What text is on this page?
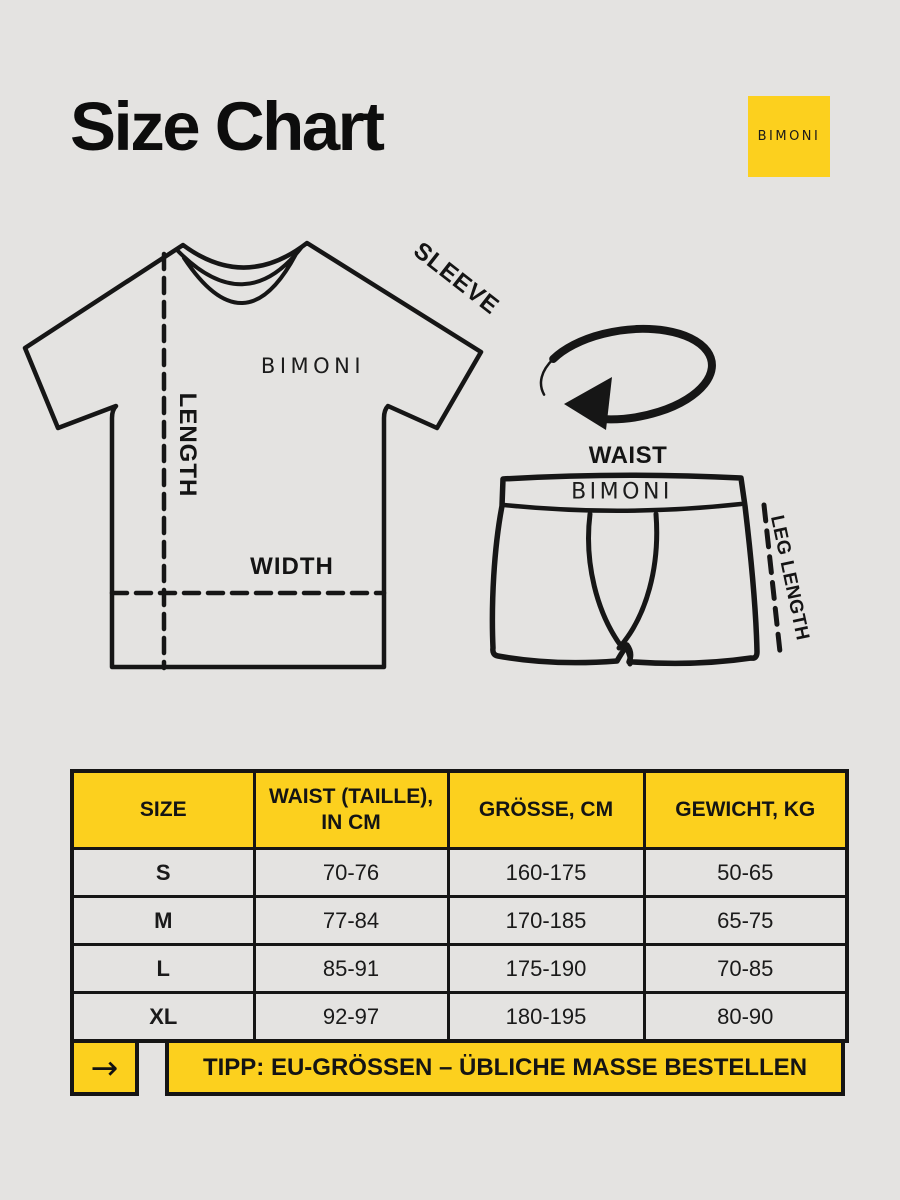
Size Chart	BIMONI
SLEEVE
LENGTH
WIDTH
WAIST
LEG LENGTH
BIMONI
BIMONI
SIZE	WAIST (TAILLE), IN CM	GRÖSSE, CM	GEWICHT, KG
S	70-76	160-175	50-65
M	77-84	170-185	65-75
L	85-91	175-190	70-85
XL	92-97	180-195	80-90
→	TIPP: EU-GRÖSSEN – ÜBLICHE MASSE BESTELLEN
